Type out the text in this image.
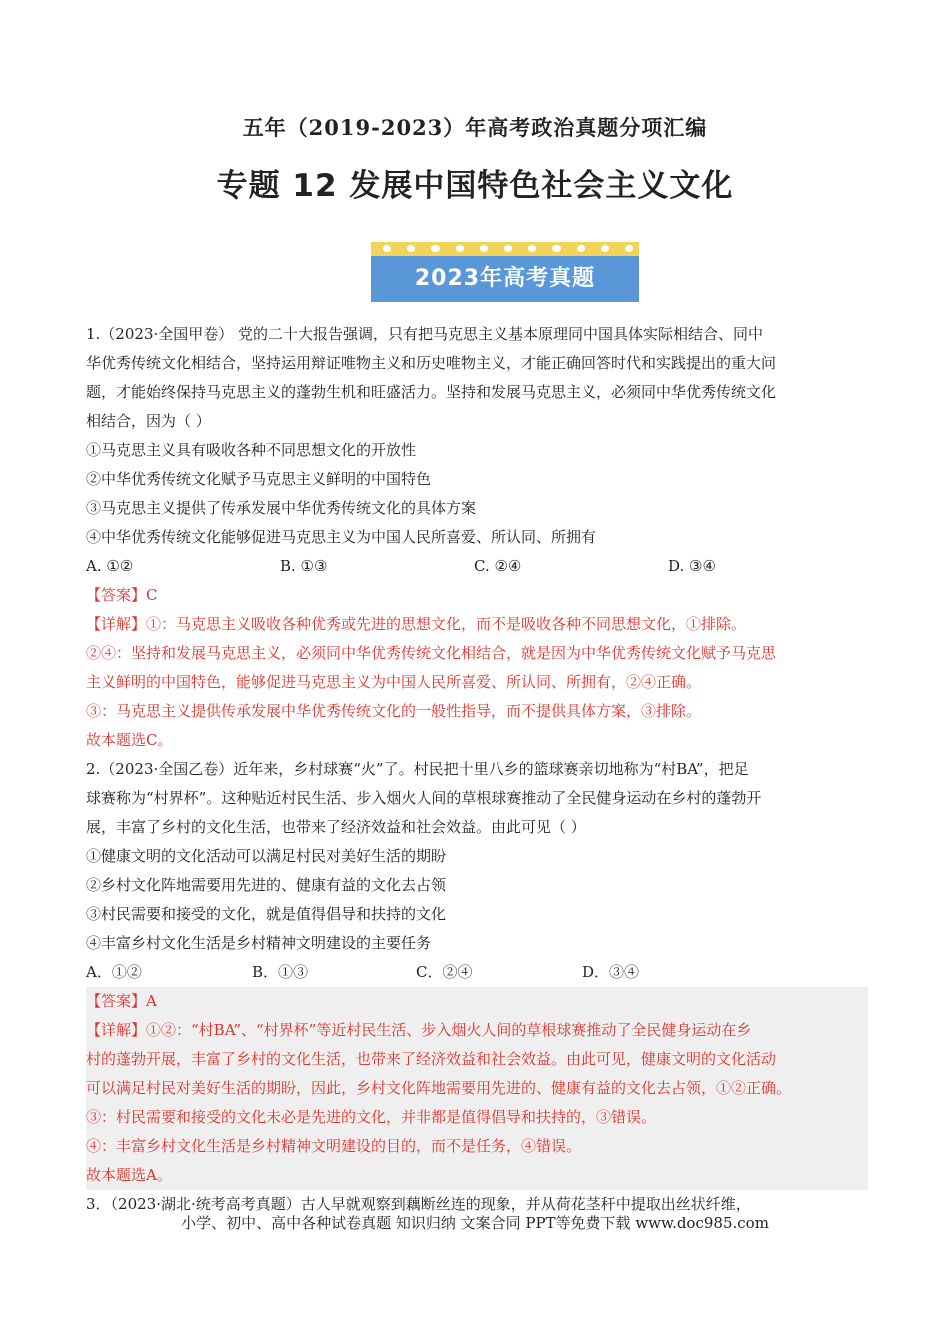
五年（2019-2023）年高考政治真题分项汇编
专题 12 发展中国特色社会主义文化
2023年高考真题
1.（2023·全国甲卷） 党的二十大报告强调，只有把马克思主义基本原理同中国具体实际相结合、同中
华优秀传统文化相结合，坚持运用辩证唯物主义和历史唯物主义，才能正确回答时代和实践提出的重大问
题，才能始终保持马克思主义的蓬勃生机和旺盛活力。坚持和发展马克思主义，必须同中华优秀传统文化
相结合，因为（ ）
①马克思主义具有吸收各种不同思想文化的开放性
②中华优秀传统文化赋予马克思主义鲜明的中国特色
③马克思主义提供了传承发展中华优秀传统文化的具体方案
④中华优秀传统文化能够促进马克思主义为中国人民所喜爱、所认同、所拥有
A. ①②	B. ①③	C. ②④	D. ③④
【答案】C
【详解】①：马克思主义吸收各种优秀或先进的思想文化，而不是吸收各种不同思想文化，①排除。
②④：坚持和发展马克思主义，必须同中华优秀传统文化相结合，就是因为中华优秀传统文化赋予马克思
主义鲜明的中国特色，能够促进马克思主义为中国人民所喜爱、所认同、所拥有，②④正确。
③：马克思主义提供传承发展中华优秀传统文化的一般性指导，而不提供具体方案，③排除。
故本题选C。
2.（2023·全国乙卷）近年来，乡村球赛“火”了。村民把十里八乡的篮球赛亲切地称为“村BA”，把足
球赛称为“村界杯”。这种贴近村民生活、步入烟火人间的草根球赛推动了全民健身运动在乡村的蓬勃开
展，丰富了乡村的文化生活，也带来了经济效益和社会效益。由此可见（ ）
①健康文明的文化活动可以满足村民对美好生活的期盼
②乡村文化阵地需要用先进的、健康有益的文化去占领
③村民需要和接受的文化，就是值得倡导和扶持的文化
④丰富乡村文化生活是乡村精神文明建设的主要任务
A．①②	B．①③	C．②④	D．③④
【答案】A
【详解】①②：“村BA”、“村界杯”等近村民生活、步入烟火人间的草根球赛推动了全民健身运动在乡
村的蓬勃开展，丰富了乡村的文化生活，也带来了经济效益和社会效益。由此可见，健康文明的文化活动
可以满足村民对美好生活的期盼，因此，乡村文化阵地需要用先进的、健康有益的文化去占领，①②正确。
③：村民需要和接受的文化未必是先进的文化，并非都是值得倡导和扶持的，③错误。
④：丰富乡村文化生活是乡村精神文明建设的目的，而不是任务，④错误。
故本题选A。
3．（2023·湖北·统考高考真题）古人早就观察到藕断丝连的现象，并从荷花茎秆中提取出丝状纤维，
小学、初中、高中各种试卷真题 知识归纳 文案合同 PPT等免费下载 www.doc985.com
